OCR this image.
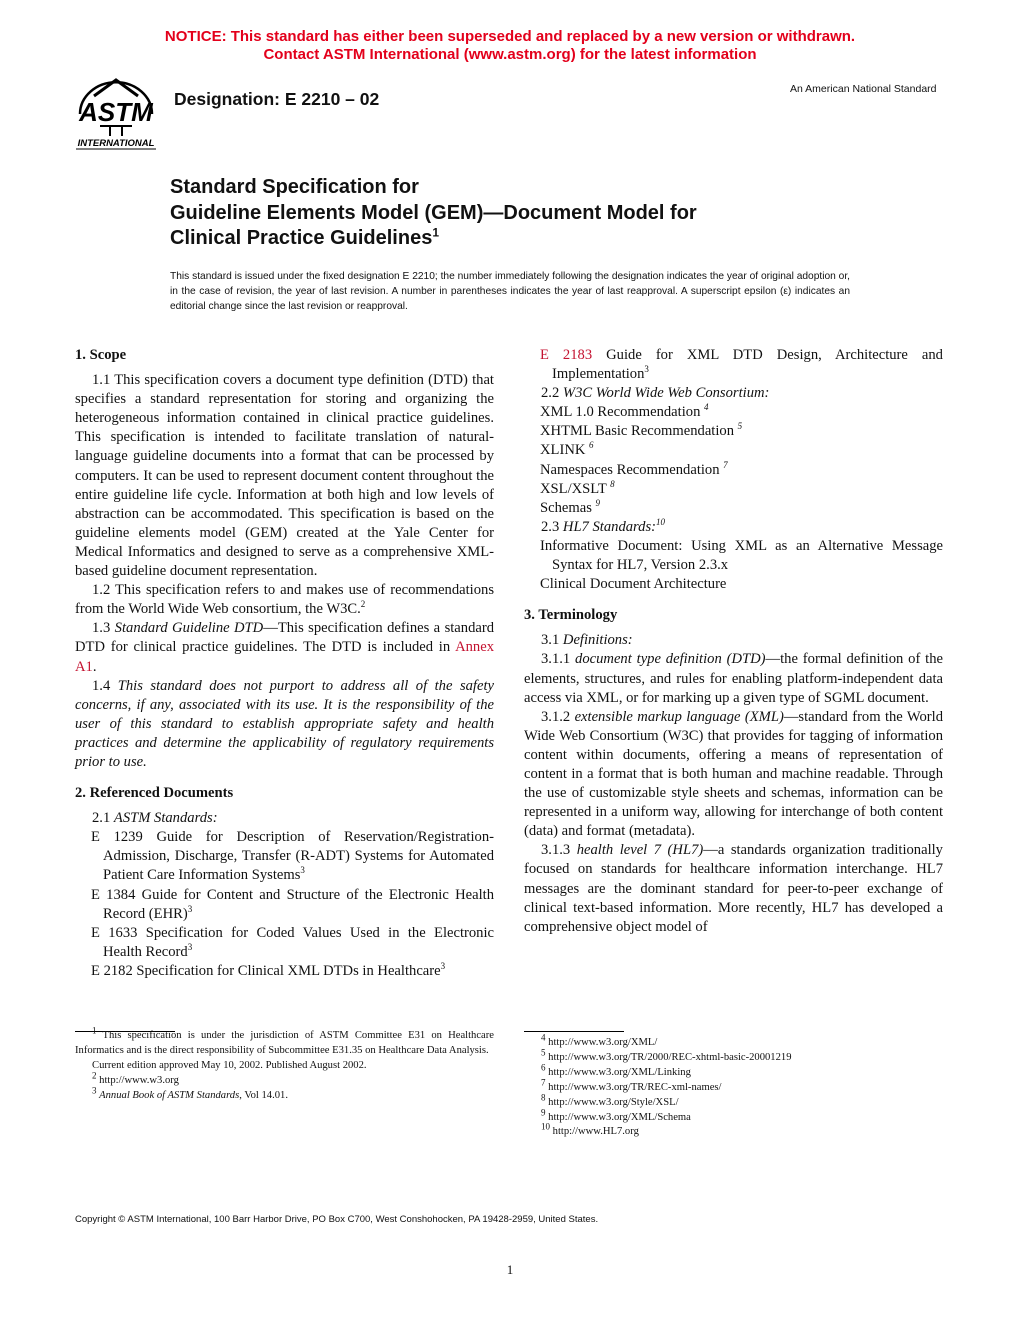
NOTICE: This standard has either been superseded and replaced by a new version or withdrawn.
Contact ASTM International (www.astm.org) for the latest information
ASTM
INTERNATIONAL
Designation: E 2210 – 02	An American National Standard
Standard Specification for
Guideline Elements Model (GEM)—Document Model for
Clinical Practice Guidelines$^1$
This standard is issued under the fixed designation E 2210; the number immediately following the designation indicates the year of original adoption or, in the case of revision, the year of last revision. A number in parentheses indicates the year of last reapproval. A superscript epsilon (ε) indicates an editorial change since the last revision or reapproval.

1. Scope

1.1 This specification covers a document type definition (DTD) that specifies a standard representation for storing and organizing the heterogeneous information contained in clinical practice guidelines. This specification is intended to facilitate translation of natural-language guideline documents into a format that can be processed by computers. It can be used to represent document content throughout the entire guideline life cycle. Information at both high and low levels of abstraction can be accommodated. This specification is based on the guideline elements model (GEM) created at the Yale Center for Medical Informatics and designed to serve as a comprehensive XML-based guideline document representation.

1.2 This specification refers to and makes use of recommendations from the World Wide Web consortium, the W3C.$^2$

1.3 Standard Guideline DTD—This specification defines a standard DTD for clinical practice guidelines. The DTD is included in Annex A1.

1.4 This standard does not purport to address all of the safety concerns, if any, associated with its use. It is the responsibility of the user of this standard to establish appropriate safety and health practices and determine the applicability of regulatory requirements prior to use.

2. Referenced Documents

2.1 ASTM Standards:

E 1239 Guide for Description of Reservation/Registration-Admission, Discharge, Transfer (R-ADT) Systems for Automated Patient Care Information Systems$^3$

E 1384 Guide for Content and Structure of the Electronic Health Record (EHR)$^3$

E 1633 Specification for Coded Values Used in the Electronic Health Record$^3$

E 2182 Specification for Clinical XML DTDs in Healthcare$^3$

E 2183 Guide for XML DTD Design, Architecture and Implementation$^3$

2.2 W3C World Wide Web Consortium:

XML 1.0 Recommendation $^4$

XHTML Basic Recommendation $^5$

XLINK $^6$

Namespaces Recommendation $^7$

XSL/XSLT $^8$

Schemas $^9$

2.3 HL7 Standards:$^{10}$

Informative Document: Using XML as an Alternative Message Syntax for HL7, Version 2.3.x

Clinical Document Architecture

3. Terminology

3.1 Definitions:

3.1.1 document type definition (DTD)—the formal definition of the elements, structures, and rules for enabling platform-independent data access via XML, or for marking up a given type of SGML document.

3.1.2 extensible markup language (XML)—standard from the World Wide Web Consortium (W3C) that provides for tagging of information content within documents, offering a means of representation of content in a format that is both human and machine readable. Through the use of customizable style sheets and schemas, information can be represented in a uniform way, allowing for interchange of both content (data) and format (metadata).

3.1.3 health level 7 (HL7)—a standards organization traditionally focused on standards for healthcare information interchange. HL7 messages are the dominant standard for peer-to-peer exchange of clinical text-based information. More recently, HL7 has developed a comprehensive object model of

$^1$ This specification is under the jurisdiction of ASTM Committee E31 on Healthcare Informatics and is the direct responsibility of Subcommittee E31.35 on Healthcare Data Analysis.

Current edition approved May 10, 2002. Published August 2002.

$^2$ http://www.w3.org

$^3$ Annual Book of ASTM Standards, Vol 14.01.

$^4$ http://www.w3.org/XML/

$^5$ http://www.w3.org/TR/2000/REC-xhtml-basic-20001219

$^6$ http://www.w3.org/XML/Linking

$^7$ http://www.w3.org/TR/REC-xml-names/

$^8$ http://www.w3.org/Style/XSL/

$^9$ http://www.w3.org/XML/Schema

$^{10}$ http://www.HL7.org

Copyright © ASTM International, 100 Barr Harbor Drive, PO Box C700, West Conshohocken, PA 19428-2959, United States.
1
